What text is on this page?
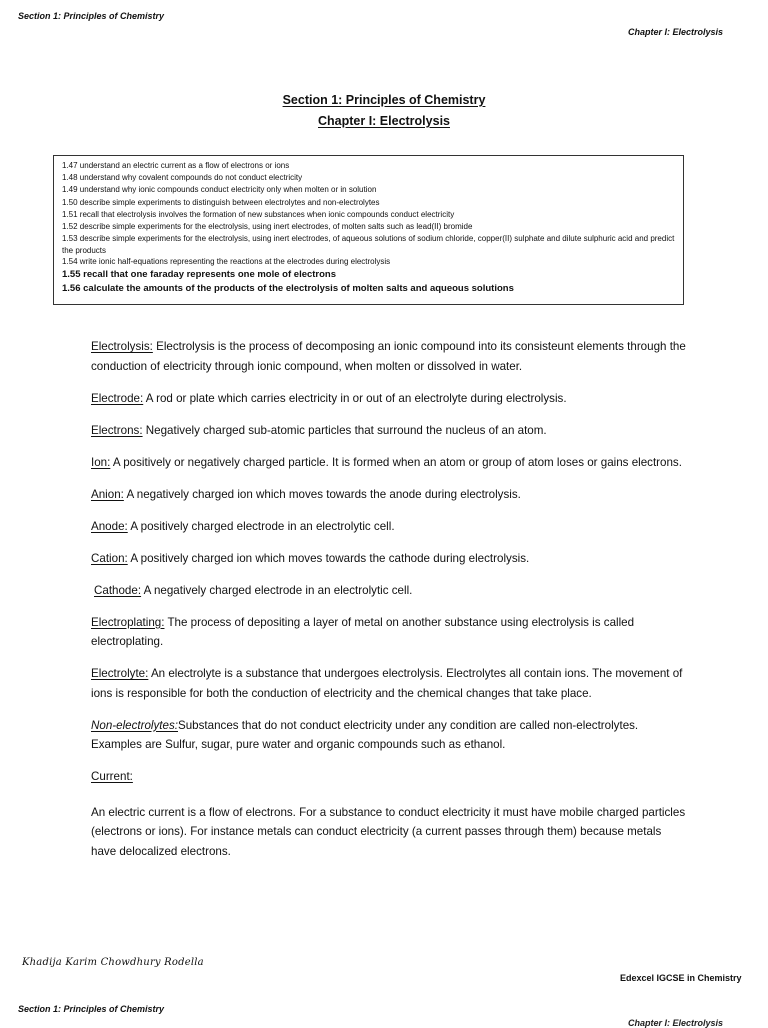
Section 1: Principles of Chemistry
Chapter I: Electrolysis
Section 1: Principles of Chemistry
Chapter I: Electrolysis
1.47 understand an electric current as a flow of electrons or ions
1.48 understand why covalent compounds do not conduct electricity
1.49 understand why ionic compounds conduct electricity only when molten or in solution
1.50 describe simple experiments to distinguish between electrolytes and non-electrolytes
1.51 recall that electrolysis involves the formation of new substances when ionic compounds conduct electricity
1.52 describe simple experiments for the electrolysis, using inert electrodes, of molten salts such as lead(II) bromide
1.53 describe simple experiments for the electrolysis, using inert electrodes, of aqueous solutions of sodium chloride, copper(II) sulphate and dilute sulphuric acid and predict the products
1.54 write ionic half-equations representing the reactions at the electrodes during electrolysis
1.55 recall that one faraday represents one mole of electrons
1.56 calculate the amounts of the products of the electrolysis of molten salts and aqueous solutions
Electrolysis: Electrolysis is the process of decomposing an ionic compound into its consisteunt elements through the conduction of electricity through ionic compound, when molten or dissolved in water.
Electrode: A rod or plate which carries electricity in or out of an electrolyte during electrolysis.
Electrons: Negatively charged sub-atomic particles that surround the nucleus of an atom.
Ion: A positively or negatively charged particle. It is formed when an atom or group of atom loses or gains electrons.
Anion: A negatively charged ion which moves towards the anode during electrolysis.
Anode: A positively charged electrode in an electrolytic cell.
Cation: A positively charged ion which moves towards the cathode during electrolysis.
Cathode: A negatively charged electrode in an electrolytic cell.
Electroplating: The process of depositing a layer of metal on another substance using electrolysis is called electroplating.
Electrolyte: An electrolyte is a substance that undergoes electrolysis. Electrolytes all contain ions. The movement of ions is responsible for both the conduction of electricity and the chemical changes that take place.
Non-electrolytes:Substances that do not conduct electricity under any condition are called non-electrolytes. Examples are Sulfur, sugar, pure water and organic compounds such as ethanol.
Current:
An electric current is a flow of electrons. For a substance to conduct electricity it must have mobile charged particles (electrons or ions). For instance metals can conduct electricity (a current passes through them) because metals have delocalized electrons.
Khadija Karim Chowdhury Rodella
Edexcel IGCSE in Chemistry
Section 1: Principles of Chemistry
Chapter I: Electrolysis
